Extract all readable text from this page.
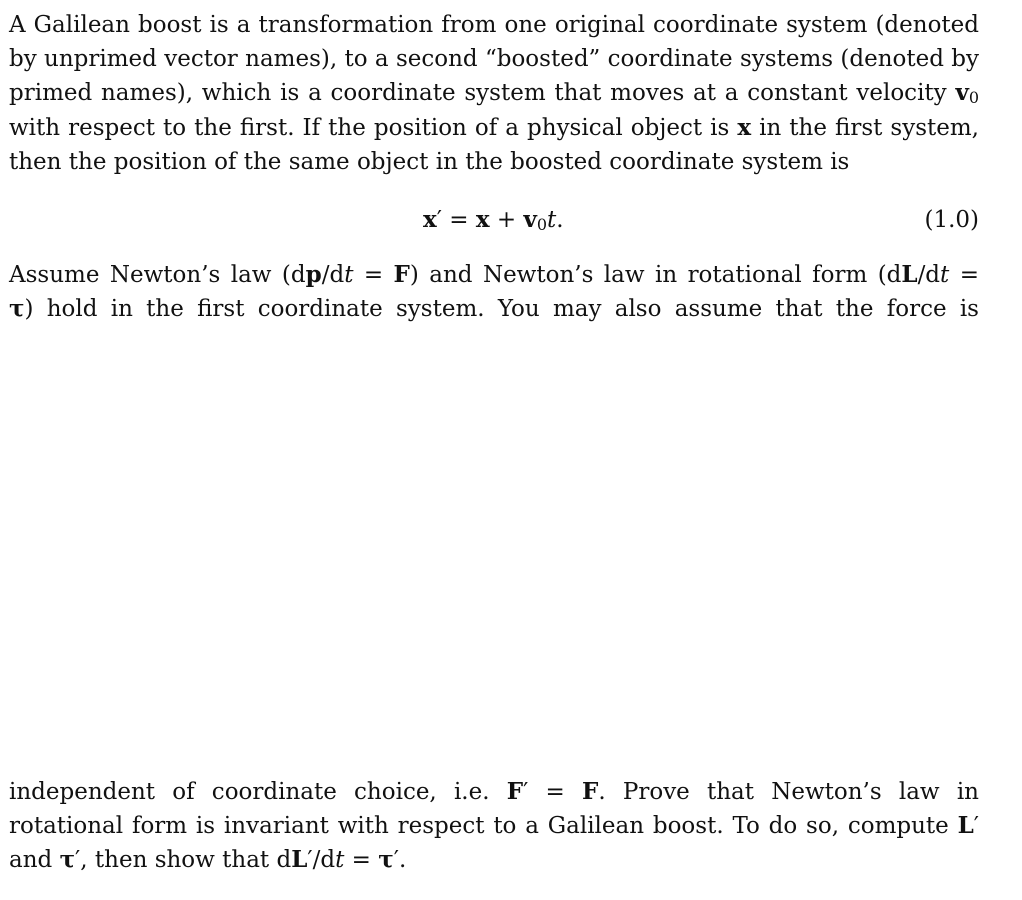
A Galilean boost is a transformation from one original coordinate system (denoted
by unprimed vector names), to a second “boosted” coordinate systems (denoted by
primed names), which is a coordinate system that moves at a constant velocity $v_0$
with respect to the first. If the position of a physical object is x in the first system,
then the position of the same object in the boosted coordinate system is
$x' = x + v_0t$.	(1.0)
Assume Newton’s law (dp/dt = F) and Newton’s law in rotational form (dL/dt =
τ) hold in the first coordinate system. You may also assume that the force is
independent of coordinate choice, i.e. F′ = F. Prove that Newton’s law in
rotational form is invariant with respect to a Galilean boost. To do so, compute L′
and τ′, then show that dL′/dt = τ′.
